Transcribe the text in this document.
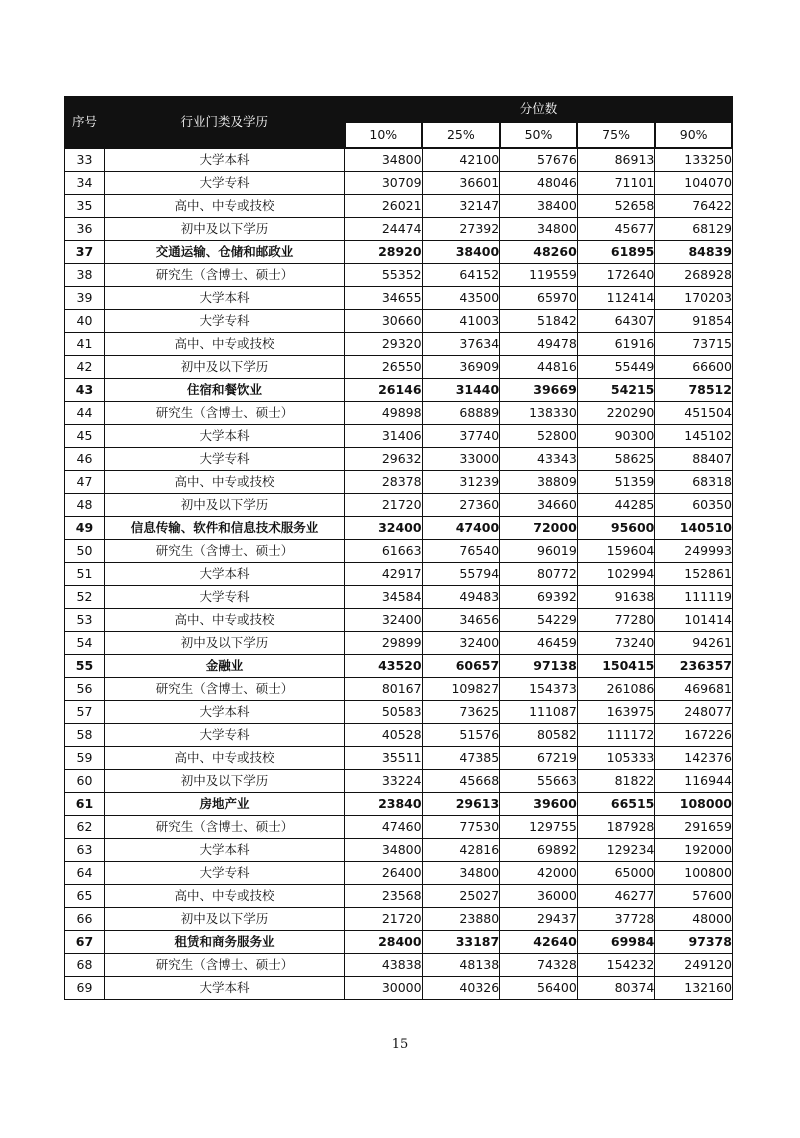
序号	行业门类及学历	分位数				
		10%	25%	50%	75%	90%
33	大学本科	34800	42100	57676	86913	133250
34	大学专科	30709	36601	48046	71101	104070
35	高中、中专或技校	26021	32147	38400	52658	76422
36	初中及以下学历	24474	27392	34800	45677	68129
37	交通运输、仓储和邮政业	28920	38400	48260	61895	84839
38	研究生（含博士、硕士）	55352	64152	119559	172640	268928
39	大学本科	34655	43500	65970	112414	170203
40	大学专科	30660	41003	51842	64307	91854
41	高中、中专或技校	29320	37634	49478	61916	73715
42	初中及以下学历	26550	36909	44816	55449	66600
43	住宿和餐饮业	26146	31440	39669	54215	78512
44	研究生（含博士、硕士）	49898	68889	138330	220290	451504
45	大学本科	31406	37740	52800	90300	145102
46	大学专科	29632	33000	43343	58625	88407
47	高中、中专或技校	28378	31239	38809	51359	68318
48	初中及以下学历	21720	27360	34660	44285	60350
49	信息传输、软件和信息技术服务业	32400	47400	72000	95600	140510
50	研究生（含博士、硕士）	61663	76540	96019	159604	249993
51	大学本科	42917	55794	80772	102994	152861
52	大学专科	34584	49483	69392	91638	111119
53	高中、中专或技校	32400	34656	54229	77280	101414
54	初中及以下学历	29899	32400	46459	73240	94261
55	金融业	43520	60657	97138	150415	236357
56	研究生（含博士、硕士）	80167	109827	154373	261086	469681
57	大学本科	50583	73625	111087	163975	248077
58	大学专科	40528	51576	80582	111172	167226
59	高中、中专或技校	35511	47385	67219	105333	142376
60	初中及以下学历	33224	45668	55663	81822	116944
61	房地产业	23840	29613	39600	66515	108000
62	研究生（含博士、硕士）	47460	77530	129755	187928	291659
63	大学本科	34800	42816	69892	129234	192000
64	大学专科	26400	34800	42000	65000	100800
65	高中、中专或技校	23568	25027	36000	46277	57600
66	初中及以下学历	21720	23880	29437	37728	48000
67	租赁和商务服务业	28400	33187	42640	69984	97378
68	研究生（含博士、硕士）	43838	48138	74328	154232	249120
69	大学本科	30000	40326	56400	80374	132160
15
